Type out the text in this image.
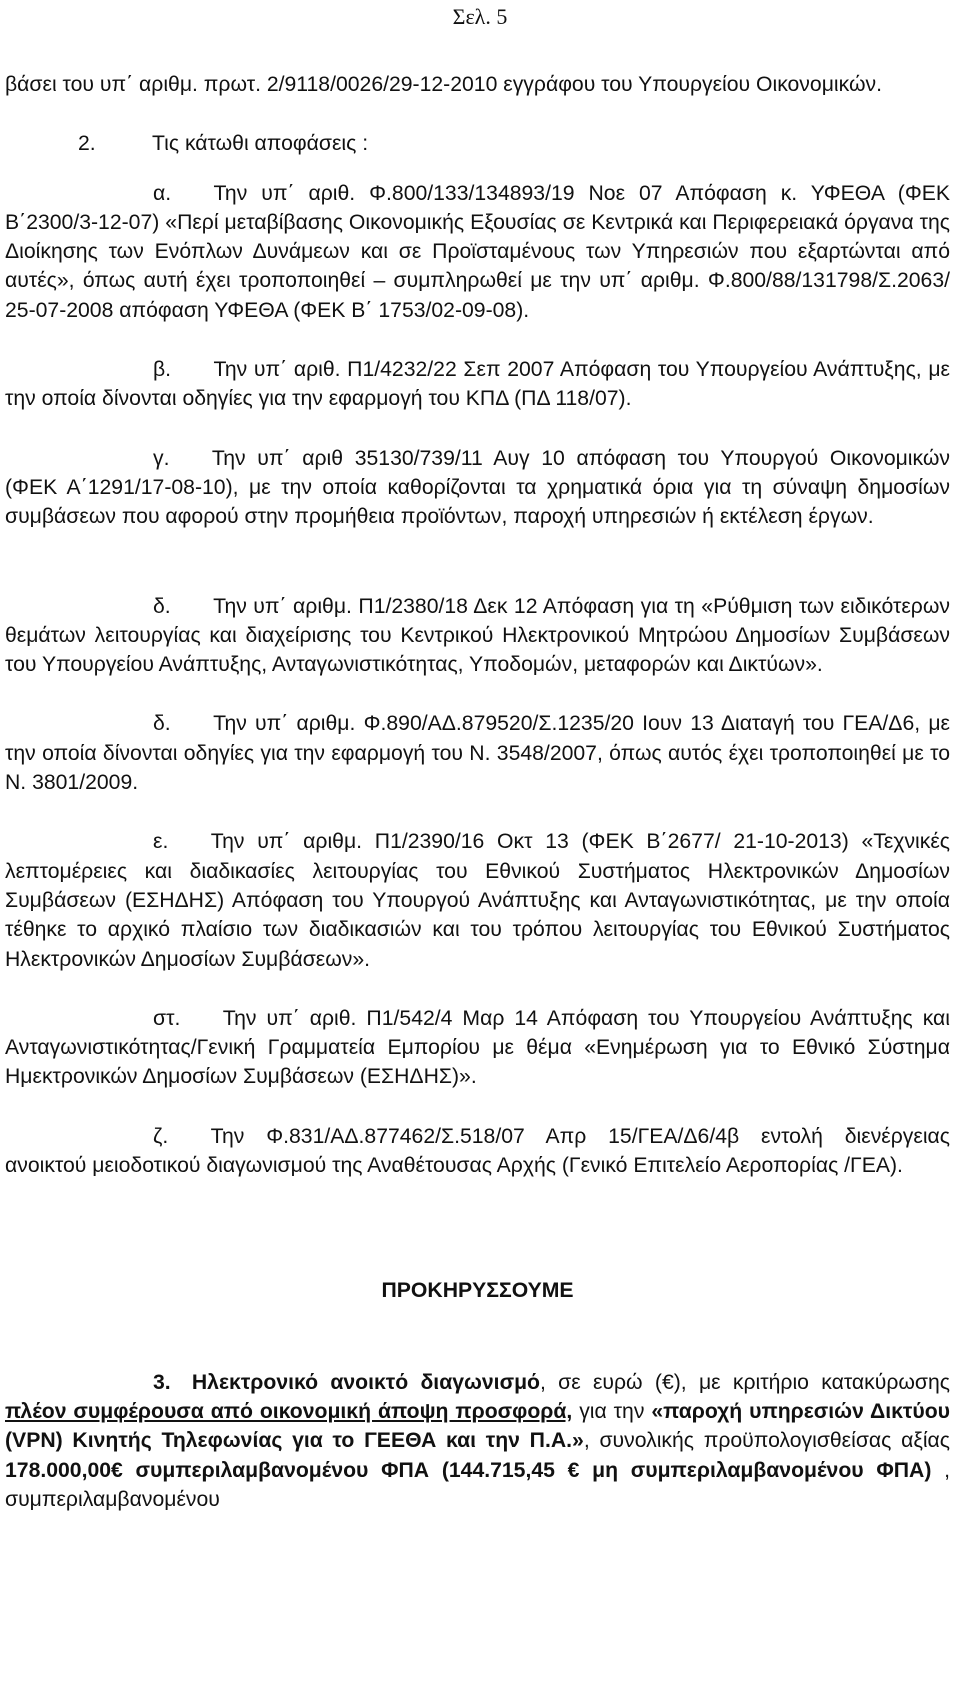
Σελ. 5

βάσει του υπ΄ αριθμ. πρωτ. 2/9118/0026/29-12-2010 εγγράφου του Υπουργείου Οικονομικών.

2.	Τις κάτωθι αποφάσεις :

α.   Την υπ΄ αριθ. Φ.800/133/134893/19 Νοε 07 Απόφαση κ. ΥΦΕΘΑ (ΦΕΚ Β΄2300/3-12-07) «Περί μεταβίβασης Οικονομικής Εξουσίας σε Κεντρικά και Περιφερειακά όργανα της Διοίκησης των Ενόπλων Δυνάμεων και σε Προϊσταμένους των Υπηρεσιών που εξαρτώνται από αυτές», όπως αυτή έχει τροποποιηθεί – συμπληρωθεί με την υπ΄ αριθμ. Φ.800/88/131798/Σ.2063/ 25-07-2008 απόφαση ΥΦΕΘΑ (ΦΕΚ Β΄ 1753/02-09-08).

β.   Την υπ΄ αριθ. Π1/4232/22 Σεπ 2007 Απόφαση του Υπουργείου Ανάπτυξης, με την οποία δίνονται οδηγίες για την εφαρμογή του ΚΠΔ (ΠΔ 118/07).

γ.   Την υπ΄ αριθ 35130/739/11 Αυγ 10 απόφαση του Υπουργού Οικονομικών (ΦΕΚ Α΄1291/17-08-10), με την οποία καθορίζονται τα χρηματικά όρια για τη σύναψη δημοσίων συμβάσεων που αφορού στην προμήθεια προϊόντων, παροχή υπηρεσιών ή εκτέλεση έργων.

δ.   Την υπ΄ αριθμ. Π1/2380/18 Δεκ 12 Απόφαση για τη «Ρύθμιση των ειδικότερων θεμάτων λειτουργίας και διαχείρισης του Κεντρικού Ηλεκτρονικού Μητρώου Δημοσίων Συμβάσεων του Υπουργείου Ανάπτυξης, Ανταγωνιστικότητας, Υποδομών, μεταφορών και Δικτύων».

δ.   Την υπ΄ αριθμ. Φ.890/ΑΔ.879520/Σ.1235/20 Ιουν 13 Διαταγή του ΓΕΑ/Δ6, με την οποία δίνονται οδηγίες για την εφαρμογή του Ν. 3548/2007, όπως αυτός έχει τροποποιηθεί με το Ν. 3801/2009.

ε.   Την υπ΄ αριθμ. Π1/2390/16 Οκτ 13 (ΦΕΚ Β΄2677/ 21-10-2013) «Τεχνικές λεπτομέρειες και διαδικασίες λειτουργίας του Εθνικού Συστήματος Ηλεκτρονικών Δημοσίων Συμβάσεων (ΕΣΗΔΗΣ) Απόφαση του Υπουργού Ανάπτυξης και Ανταγωνιστικότητας, με την οποία τέθηκε το αρχικό πλαίσιο των διαδικασιών και του τρόπου λειτουργίας του Εθνικού Συστήματος Ηλεκτρονικών Δημοσίων Συμβάσεων».

στ.   Την υπ΄ αριθ. Π1/542/4 Μαρ 14 Απόφαση του Υπουργείου Ανάπτυξης και Ανταγωνιστικότητας/Γενική Γραμματεία Εμπορίου με θέμα «Ενημέρωση για το Εθνικό Σύστημα Ημεκτρονικών Δημοσίων Συμβάσεων (ΕΣΗΔΗΣ)».

ζ.   Την Φ.831/ΑΔ.877462/Σ.518/07 Απρ 15/ΓΕΑ/Δ6/4β εντολή διενέργειας ανοικτού μειοδοτικού διαγωνισμού της Αναθέτουσας Αρχής (Γενικό Επιτελείο Αεροπορίας /ΓΕΑ).

ΠΡΟΚΗΡΥΣΣΟΥΜΕ

3.  Ηλεκτρονικό ανοικτό διαγωνισμό, σε ευρώ (€), με κριτήριο κατακύρωσης πλέον συμφέρουσα από οικονομική άποψη προσφορά, για την «παροχή υπηρεσιών Δικτύου (VPN) Κινητής Τηλεφωνίας για το ΓΕΕΘΑ και την Π.Α.», συνολικής προϋπολογισθείσας αξίας 178.000,00€ συμπεριλαμβανομένου ΦΠΑ (144.715,45 € μη συμπεριλαμβανομένου ΦΠΑ) , συμπεριλαμβανομένου
